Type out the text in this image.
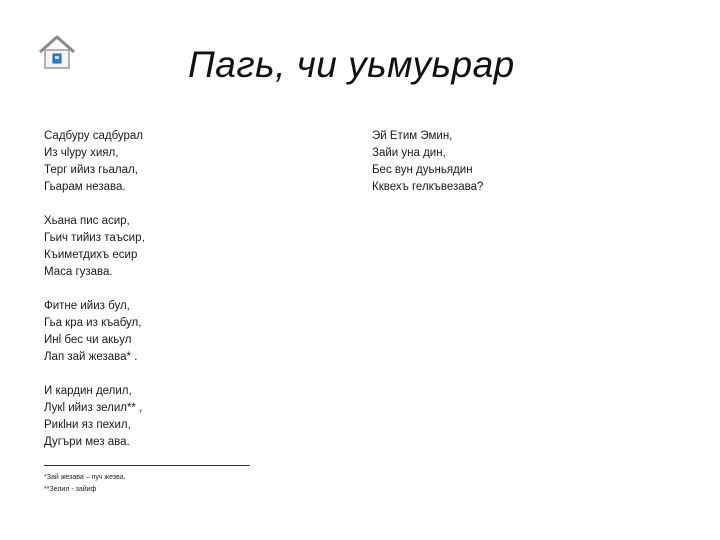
Пагь, чи уьмуьрар
Садбуру садбурал
Из чlуру хиял,
Терг ийиз гьалал,
Гьарам незава.
Хьана пис асир,
Гьич тийиз таъсир,
Къиметдихъ есир
Маса гузава.
Фитне ийиз бул,
Гьа кра из къабул,
Инl бес чи акьул
Лап зай жезава* .
И кардин делил,
Лукl ийиз зелил** ,
Рикlни яз пехил,
Дугъри мез ава.
Эй Етим Эмин,
Зайи уна дин,
Бес вун дуьньядин
Кквехъ гелкъвезава?
*Зай жезава – пуч жезва.
**Зелил - зайиф
